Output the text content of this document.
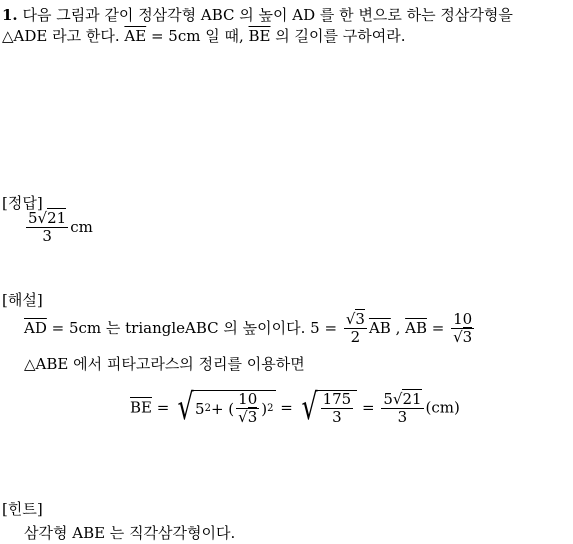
1. 다음 그림과 같이 정삼각형 ABC 의 높이 AD 를 한 변으로 하는 정삼각형을
△ADE 라고 한다. $\overline{AE} = 5cm$ 일 때, $\overline{BE}$ 의 길이를 구하여라.
[정답]
$\frac{5√21}{3}$ cm
[해설]
$\overline{AD} = 5cm$ 는 triangleABC 의 높이이다. $5 = \frac{√3}{2} \overline{AB}$ , $\overline{AB} = \frac{10}{√3}$
△ABE 에서 피타고라스의 정리를 이용하면
$\overline{BE}$ = √ 5 2 + ( $\frac{10}{√3}$ ) 2 = √ $\frac{175}{3} = \frac{5√21}{3} (cm)$
[힌트]
삼각형 ABE 는 직각삼각형이다.
